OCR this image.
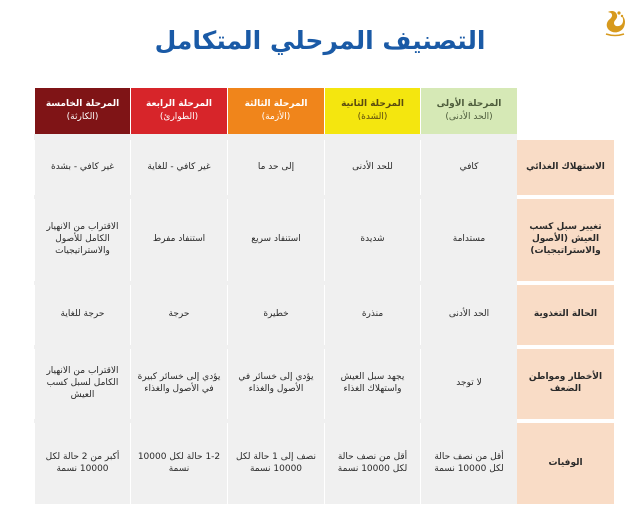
التصنيف المرحلي المتكامل
المرحلة الأولى
(الحد الأدنى)
المرحلة الثانية
(الشدة)
المرحلة الثالثة
(الأزمة)
المرحلة الرابعة
(الطوارئ)
المرحلة الخامسة
(الكارثة)
الاستهلاك الغذائي
كافي
للحد الأدنى
إلى حد ما
غير كافي - للغاية
غير كافي - بشدة
تغيير سبل كسب العيش (الأصول والاستراتيجيات)
مستدامة
شديدة
استنفاد سريع
استنفاد مفرط
الاقتراب من الانهيار الكامل للأصول والاستراتيجيات
الحالة التغذوية
الحد الأدنى
منذرة
خطيرة
حرجة
حرجة للغاية
الأخطار ومواطن الضعف
لا توجد
يجهد سبل العيش واستهلاك الغذاء
يؤدي إلى خسائر في الأصول والغذاء
يؤدي إلى خسائر كبيرة في الأصول والغذاء
الاقتراب من الانهيار الكامل لسبل كسب العيش
الوفيات
أقل من نصف حالة لكل 10000 نسمة
أقل من نصف حالة لكل 10000 نسمة
نصف إلى 1 حالة لكل 10000 نسمة
1-2 حالة لكل 10000 نسمة
أكبر من 2 حالة لكل 10000 نسمة
